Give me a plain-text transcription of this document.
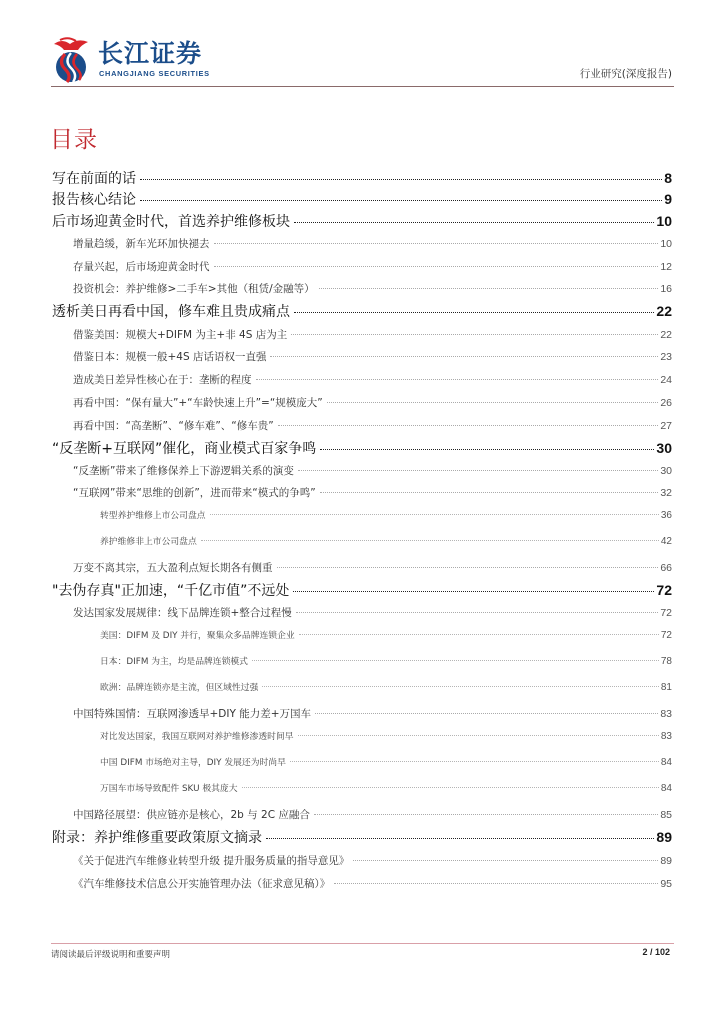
长江证券
CHANGJIANG SECURITIES	行业研究(深度报告)
目录
写在前面的话	8
报告核心结论	9
后市场迎黄金时代，首选养护维修板块	10
增量趋缓，新车光环加快褪去	10
存量兴起，后市场迎黄金时代	12
投资机会：养护维修>二手车>其他（租赁/金融等）	16
透析美日再看中国，修车难且贵成痛点	22
借鉴美国：规模大+DIFM 为主+非 4S 店为主	22
借鉴日本：规模一般+4S 店话语权一直强	23
造成美日差异性核心在于：垄断的程度	24
再看中国：“保有量大”+“车龄快速上升”=“规模庞大”	26
再看中国：“高垄断”、“修车难”、“修车贵”	27
“反垄断+互联网”催化，商业模式百家争鸣	30
“反垄断”带来了维修保养上下游逻辑关系的演变	30
“互联网”带来“思维的创新”，进而带来“模式的争鸣”	32
转型养护维修上市公司盘点	36
养护维修非上市公司盘点	42
万变不离其宗，五大盈利点短长期各有侧重	66
"去伪存真"正加速，“千亿市值”不远处	72
发达国家发展规律：线下品牌连锁+整合过程慢	72
美国：DIFM 及 DIY 并行，聚集众多品牌连锁企业	72
日本：DIFM 为主，均是品牌连锁模式	78
欧洲：品牌连锁亦是主流，但区域性过强	81
中国特殊国情：互联网渗透早+DIY 能力差+万国车	83
对比发达国家，我国互联网对养护维修渗透时间早	83
中国 DIFM 市场绝对主导，DIY 发展还为时尚早	84
万国车市场导致配件 SKU 极其庞大	84
中国路径展望：供应链亦是核心，2b 与 2C 应融合	85
附录：养护维修重要政策原文摘录	89
《关于促进汽车维修业转型升级 提升服务质量的指导意见》	89
《汽车维修技术信息公开实施管理办法（征求意见稿）》	95
请阅读最后评级说明和重要声明	2 / 102
